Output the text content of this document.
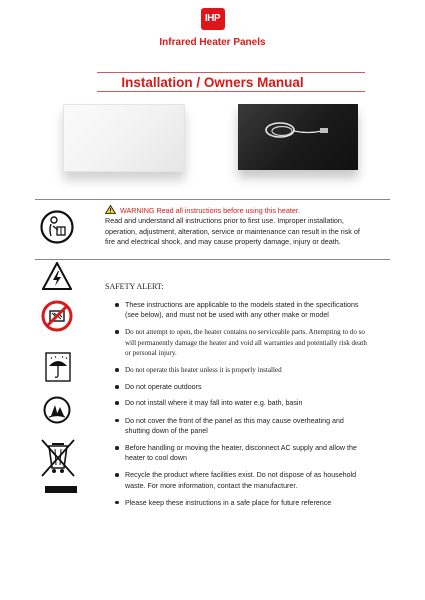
IHP
Infrared Heater Panels
Installation / Owners Manual
WARNING Read all instructions before using this heater.
Read and understand all instructions prior to first use. Improper installation, operation, adjustment, alteration, service or maintenance can result in the risk of fire and electrical shock, and may cause property damage, injury or death.
SAFETY ALERT:
These instructions are applicable to the models stated in the specifications (see below), and must not be used with any other make or model
Do not attempt to open, the heater contains no serviceable parts. Attempting to do so will permanently damage the heater and void all warranties and potentially risk death or personal injury.
Do not operate this heater unless it is properly installed
Do not operate outdoors
Do not install where it may fall into water e.g. bath, basin
Do not cover the front of the panel as this may cause overheating and shutting down of the panel
Before handling or moving the heater, disconnect AC supply and allow the heater to cool down
Recycle the product where facilities exist. Do not dispose of as household waste. For more information, contact the manufacturer.
Please keep these instructions in a safe place for future reference
